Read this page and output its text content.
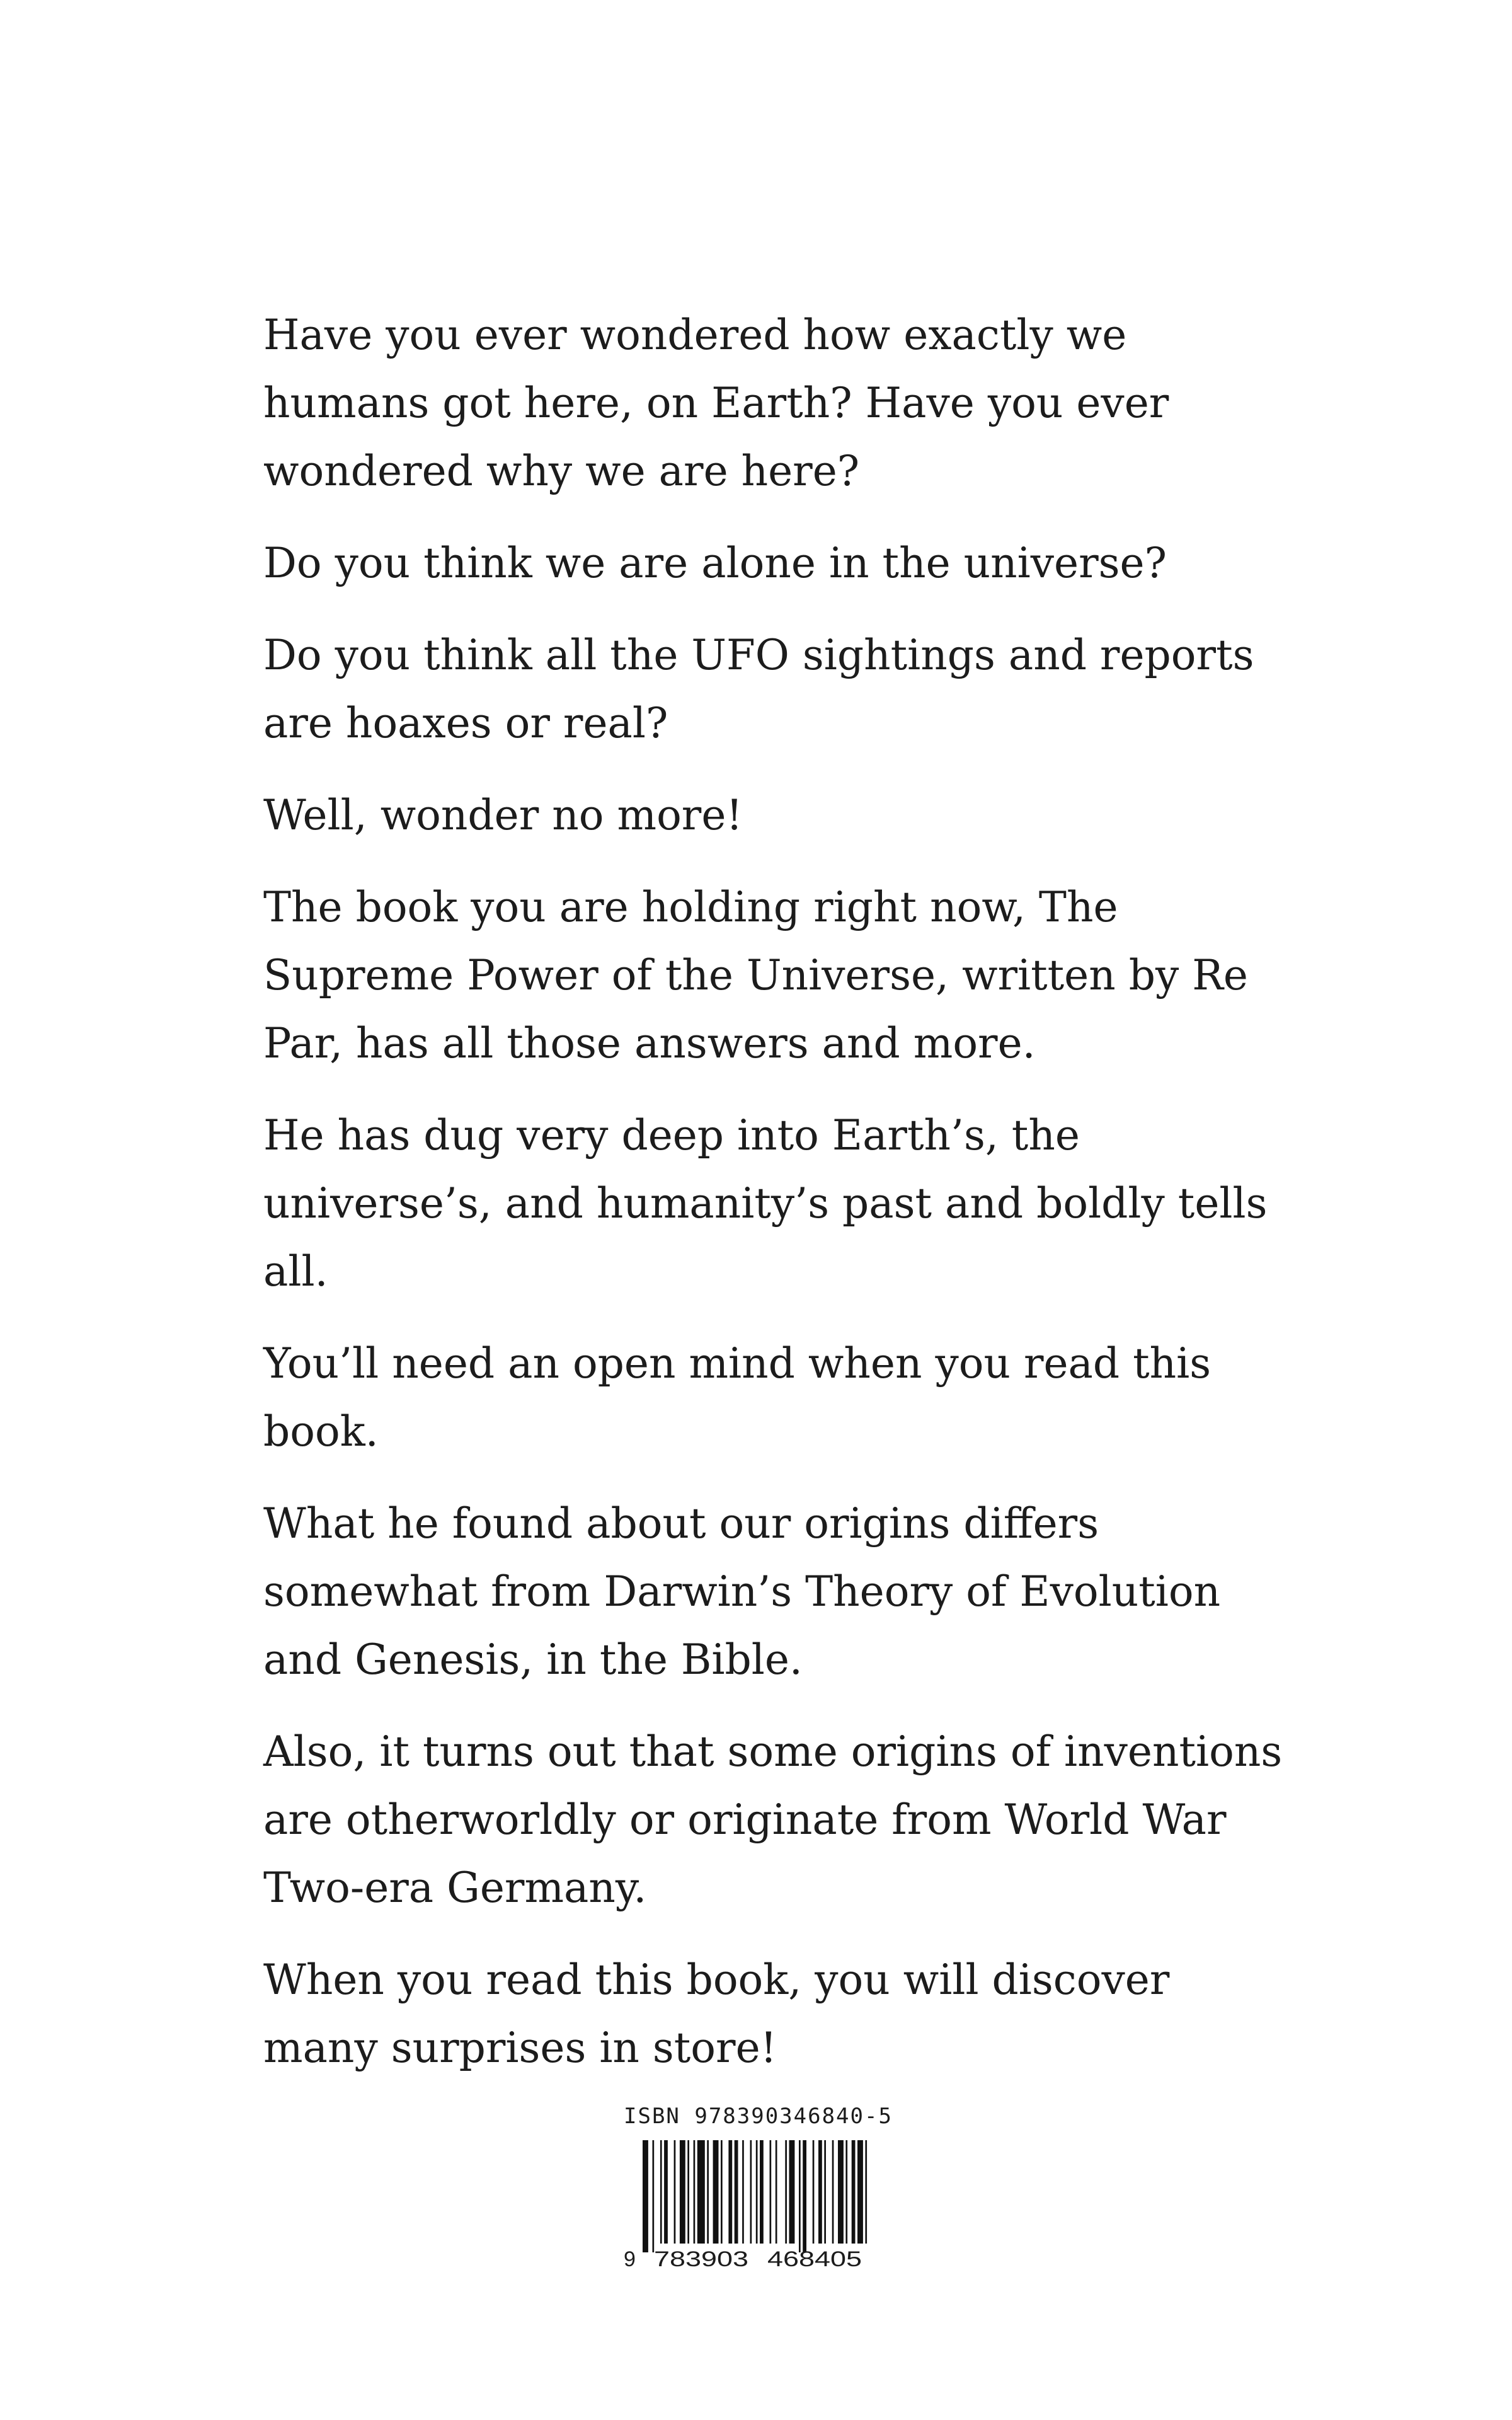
Have you ever wondered how exactly we humans got here, on Earth? Have you ever wondered why we are here?

Do you think we are alone in the universe?

Do you think all the UFO sightings and reports are hoaxes or real?

Well, wonder no more!

The book you are holding right now, The Supreme Power of the Universe, written by Re Par, has all those answers and more.

He has dug very deep into Earth’s, the universe’s, and humanity’s past and boldly tells all.

You’ll need an open mind when you read this book.

What he found about our origins differs somewhat from Darwin’s Theory of Evolution and Genesis, in the Bible.

Also, it turns out that some origins of inventions are otherworldly or originate from World War Two-era Germany.

When you read this book, you will discover many surprises in store!

ISBN 978390346840-5
9 783903 468405
